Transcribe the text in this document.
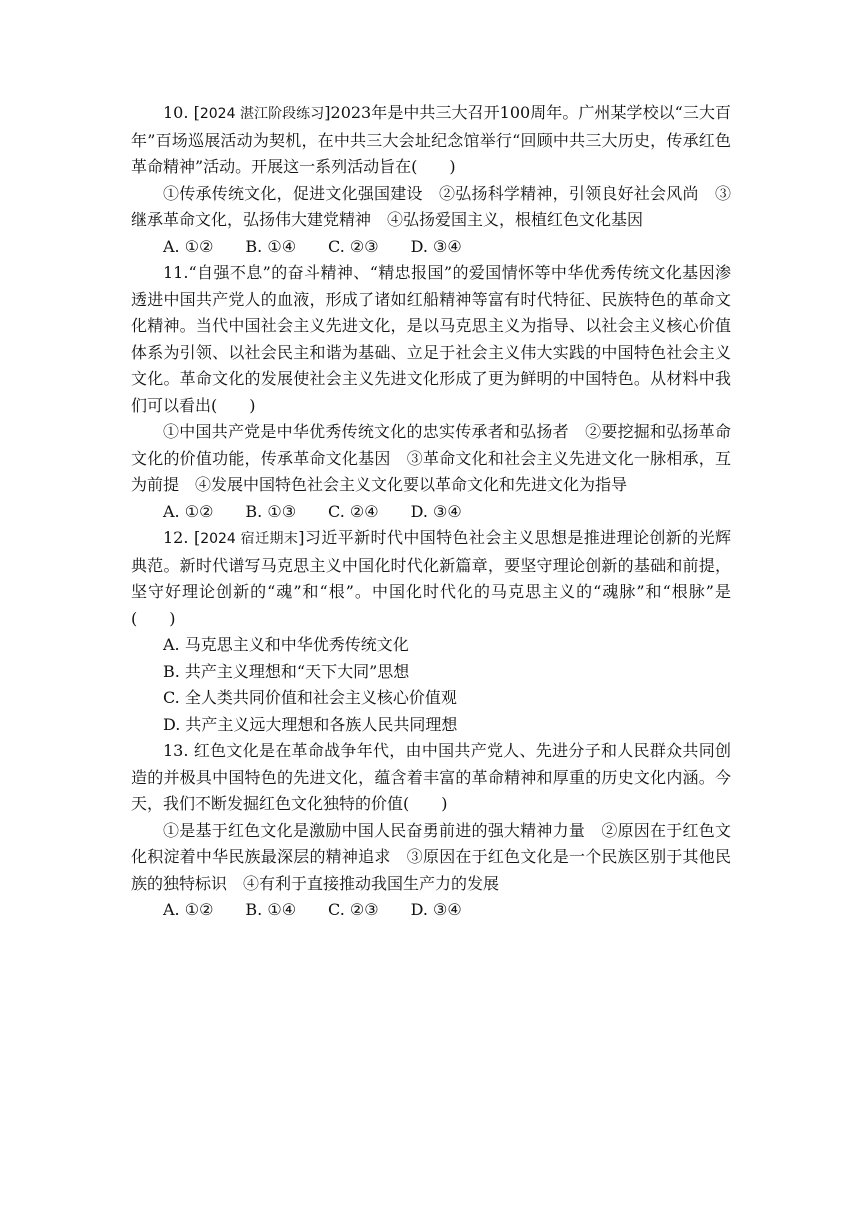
10. [2024 湛江阶段练习]2023年是中共三大召开100周年。广州某学校以“三大百年”百场巡展活动为契机，在中共三大会址纪念馆举行“回顾中共三大历史，传承红色革命精神”活动。开展这一系列活动旨在(　　)

①传承传统文化，促进文化强国建设　②弘扬科学精神，引领良好社会风尚　③继承革命文化，弘扬伟大建党精神　④弘扬爱国主义，根植红色文化基因

A. ①②　　B. ①④　　C. ②③　　D. ③④

11.“自强不息”的奋斗精神、“精忠报国”的爱国情怀等中华优秀传统文化基因渗透进中国共产党人的血液，形成了诸如红船精神等富有时代特征、民族特色的革命文化精神。当代中国社会主义先进文化，是以马克思主义为指导、以社会主义核心价值体系为引领、以社会民主和谐为基础、立足于社会主义伟大实践的中国特色社会主义文化。革命文化的发展使社会主义先进文化形成了更为鲜明的中国特色。从材料中我们可以看出(　　)

①中国共产党是中华优秀传统文化的忠实传承者和弘扬者　②要挖掘和弘扬革命文化的价值功能，传承革命文化基因　③革命文化和社会主义先进文化一脉相承，互为前提　④发展中国特色社会主义文化要以革命文化和先进文化为指导

A. ①②　　B. ①③　　C. ②④　　D. ③④

12. [2024 宿迁期末]习近平新时代中国特色社会主义思想是推进理论创新的光辉典范。新时代谱写马克思主义中国化时代化新篇章，要坚守理论创新的基础和前提，坚守好理论创新的“魂”和“根”。中国化时代化的马克思主义的“魂脉”和“根脉”是(　　)

A. 马克思主义和中华优秀传统文化

B. 共产主义理想和“天下大同”思想

C. 全人类共同价值和社会主义核心价值观

D. 共产主义远大理想和各族人民共同理想

13. 红色文化是在革命战争年代，由中国共产党人、先进分子和人民群众共同创造的并极具中国特色的先进文化，蕴含着丰富的革命精神和厚重的历史文化内涵。今天，我们不断发掘红色文化独特的价值(　　)

①是基于红色文化是激励中国人民奋勇前进的强大精神力量　②原因在于红色文化积淀着中华民族最深层的精神追求　③原因在于红色文化是一个民族区别于其他民族的独特标识　④有利于直接推动我国生产力的发展

A. ①②　　B. ①④　　C. ②③　　D. ③④
